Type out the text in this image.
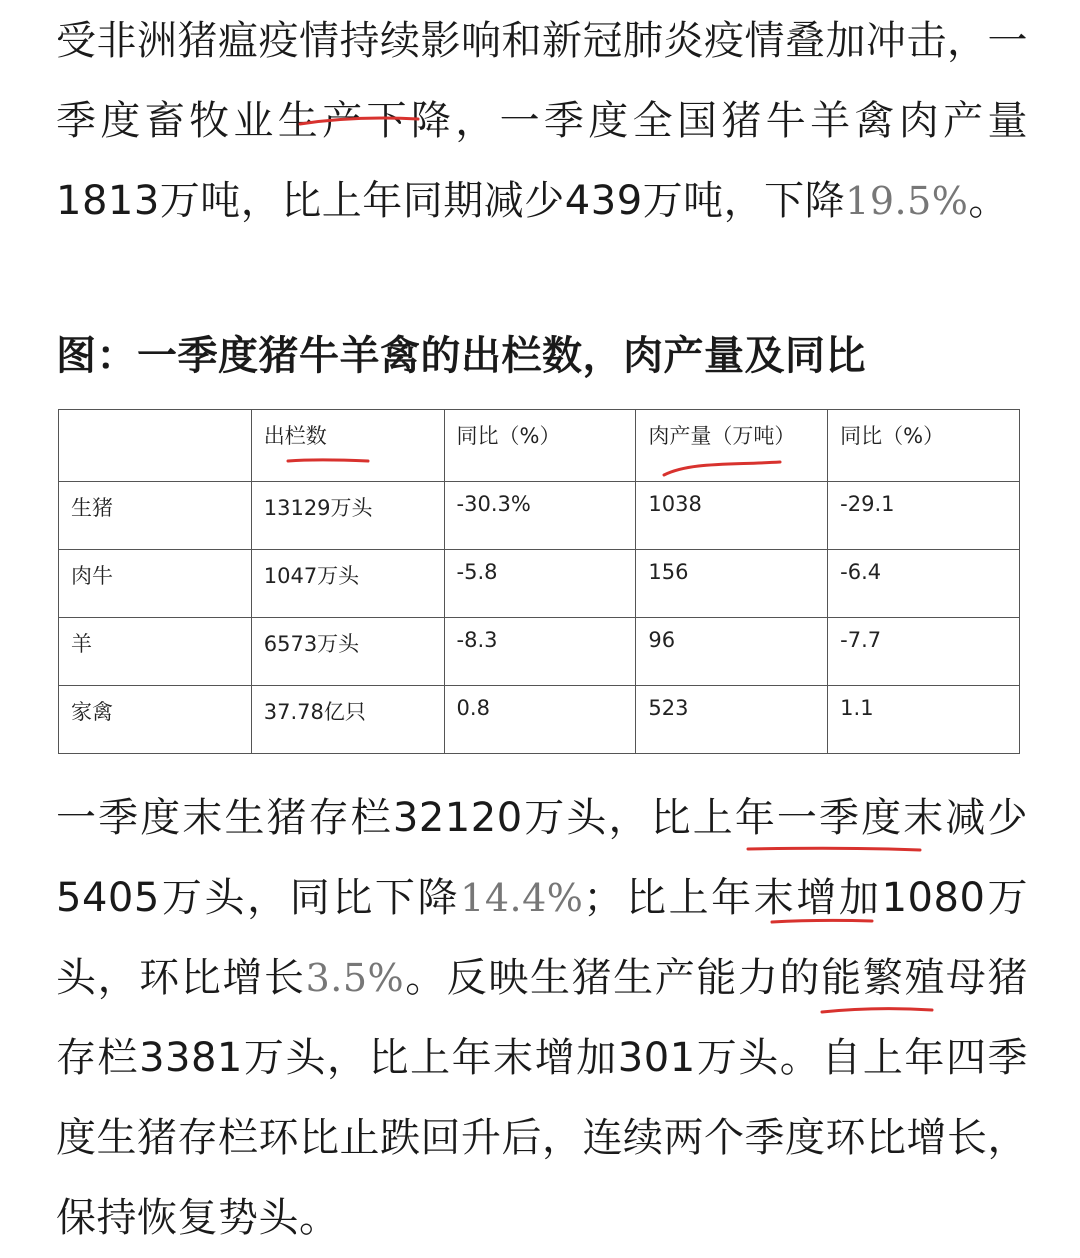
受非洲猪瘟疫情持续影响和新冠肺炎疫情叠加冲击，一季度畜牧业生产下降，一季度全国猪牛羊禽肉产量1813万吨，比上年同期减少439万吨，下降19.5%。

图：一季度猪牛羊禽的出栏数，肉产量及同比

	出栏数	同比（%）	肉产量（万吨）	同比（%）
生猪	13129万头	-30.3%	1038	-29.1
肉牛	1047万头	-5.8	156	-6.4
羊	6573万头	-8.3	96	-7.7
家禽	37.78亿只	0.8	523	1.1

一季度末生猪存栏32120万头，比上年一季度末减少5405万头，同比下降14.4%；比上年末增加1080万头，环比增长3.5%。反映生猪生产能力的能繁殖母猪存栏3381万头，比上年末增加301万头。自上年四季度生猪存栏环比止跌回升后，连续两个季度环比增长，保持恢复势头。
